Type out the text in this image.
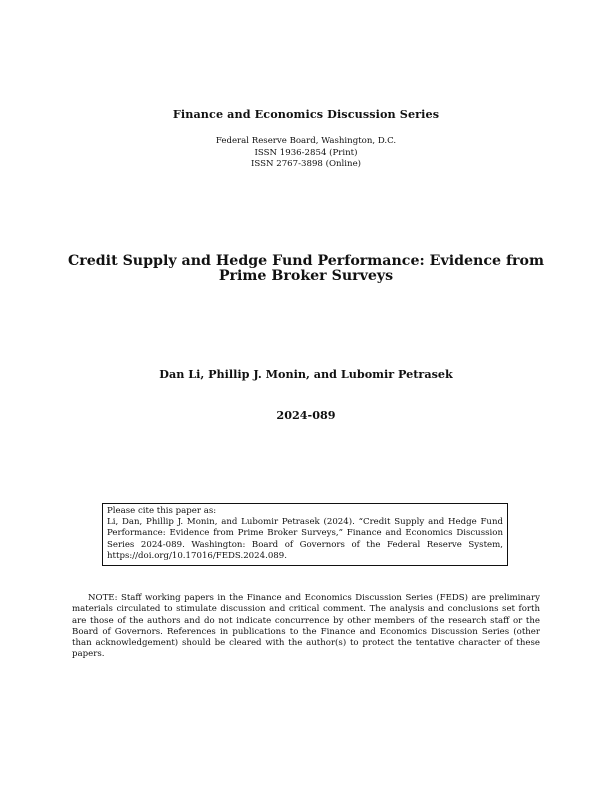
Finance and Economics Discussion Series
Federal Reserve Board, Washington, D.C.
ISSN 1936-2854 (Print)
ISSN 2767-3898 (Online)
Credit Supply and Hedge Fund Performance: Evidence from
Prime Broker Surveys
Dan Li, Phillip J. Monin, and Lubomir Petrasek
2024-089
Please cite this paper as:
Li, Dan, Phillip J. Monin, and Lubomir Petrasek (2024). “Credit Supply and Hedge Fund Performance: Evidence from Prime Broker Surveys,” Finance and Economics Discussion Series 2024-089. Washington: Board of Governors of the Federal Reserve System, https://doi.org/10.17016/FEDS.2024.089.
NOTE: Staff working papers in the Finance and Economics Discussion Series (FEDS) are preliminary materials circulated to stimulate discussion and critical comment. The analysis and conclusions set forth are those of the authors and do not indicate concurrence by other members of the research staff or the Board of Governors. References in publications to the Finance and Economics Discussion Series (other than acknowledgement) should be cleared with the author(s) to protect the tentative character of these papers.
